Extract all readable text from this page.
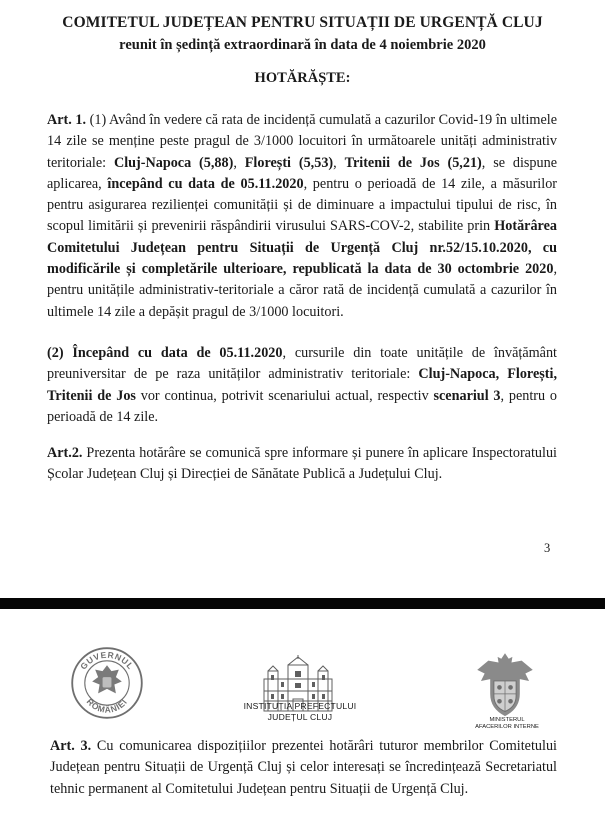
COMITETUL JUDEȚEAN PENTRU SITUAȚII DE URGENȚĂ CLUJ
reunit în ședință extraordinară în data de 4 noiembrie 2020
HOTĂRĂȘTE:
Art. 1. (1) Având în vedere că rata de incidență cumulată a cazurilor Covid-19 în ultimele 14 zile se menține peste pragul de 3/1000 locuitori în următoarele unități administrativ teritoriale: Cluj-Napoca (5,88), Florești (5,53), Tritenii de Jos (5,21), se dispune aplicarea, începând cu data de 05.11.2020, pentru o perioadă de 14 zile, a măsurilor pentru asigurarea rezilienței comunității și de diminuare a impactului tipului de risc, în scopul limitării și prevenirii răspândirii virusului SARS-COV-2, stabilite prin Hotărârea Comitetului Județean pentru Situații de Urgență Cluj nr.52/15.10.2020, cu modificările și completările ulterioare, republicată la data de 30 octombrie 2020, pentru unitățile administrativ-teritoriale a căror rată de incidență cumulată a cazurilor în ultimele 14 zile a depășit pragul de 3/1000 locuitori.
(2) Începând cu data de 05.11.2020, cursurile din toate unitățile de învățământ preuniversitar de pe raza unităților administrativ teritoriale: Cluj-Napoca, Florești, Tritenii de Jos vor continua, potrivit scenariului actual, respectiv scenariul 3, pentru o perioadă de 14 zile.
Art.2. Prezenta hotărâre se comunică spre informare și punere în aplicare Inspectoratului Școlar Județean Cluj și Direcției de Sănătate Publică a Județului Cluj.
3
GUVERNUL
ROMÂNIEI	INSTITUȚIA PREFECTULUI
JUDEȚUL CLUJ	MINISTERUL
AFACERILOR INTERNE
Art. 3. Cu comunicarea dispozițiilor prezentei hotărâri tuturor membrilor Comitetului Județean pentru Situații de Urgență Cluj și celor interesați se încredințează Secretariatul tehnic permanent al Comitetului Județean pentru Situații de Urgență Cluj.
